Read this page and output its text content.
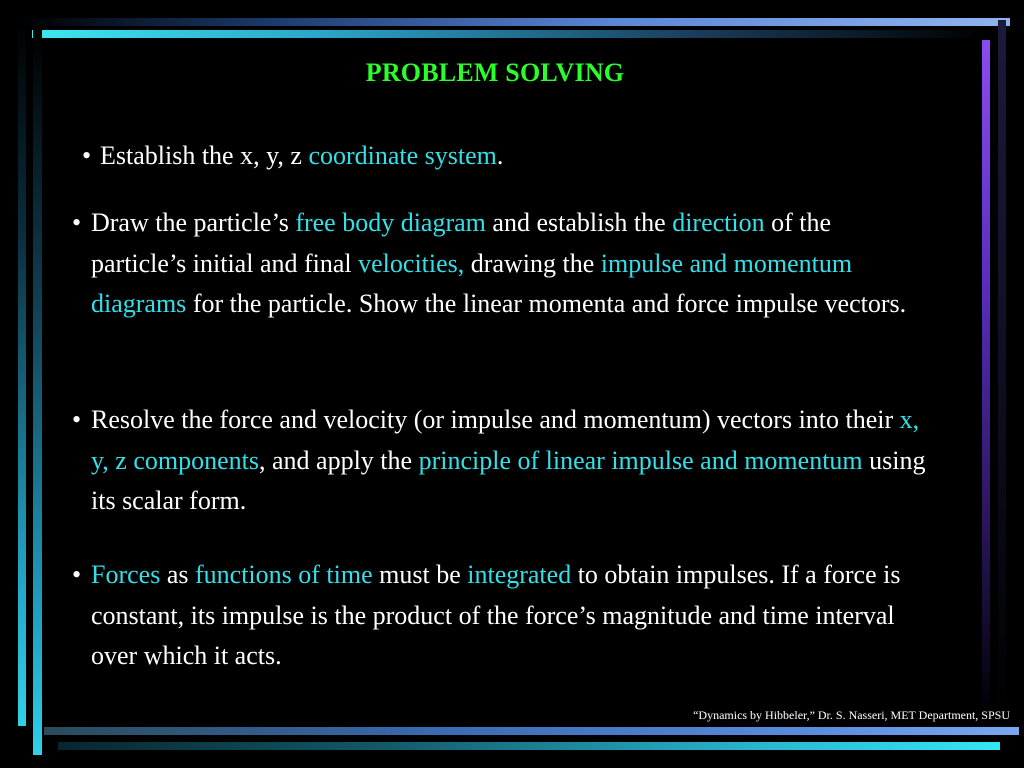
PROBLEM SOLVING
• Establish the x, y, z coordinate system.
• Draw the particle’s free body diagram and establish the direction of the particle’s initial and final velocities, drawing the impulse and momentum diagrams for the particle. Show the linear momenta and force impulse vectors.
• Resolve the force and velocity (or impulse and momentum) vectors into their x, y, z components, and apply the principle of linear impulse and momentum using its scalar form.
• Forces as functions of time must be integrated to obtain impulses. If a force is constant, its impulse is the product of the force’s magnitude and time interval over which it acts.
“Dynamics by Hibbeler,” Dr. S. Nasseri, MET Department, SPSU
